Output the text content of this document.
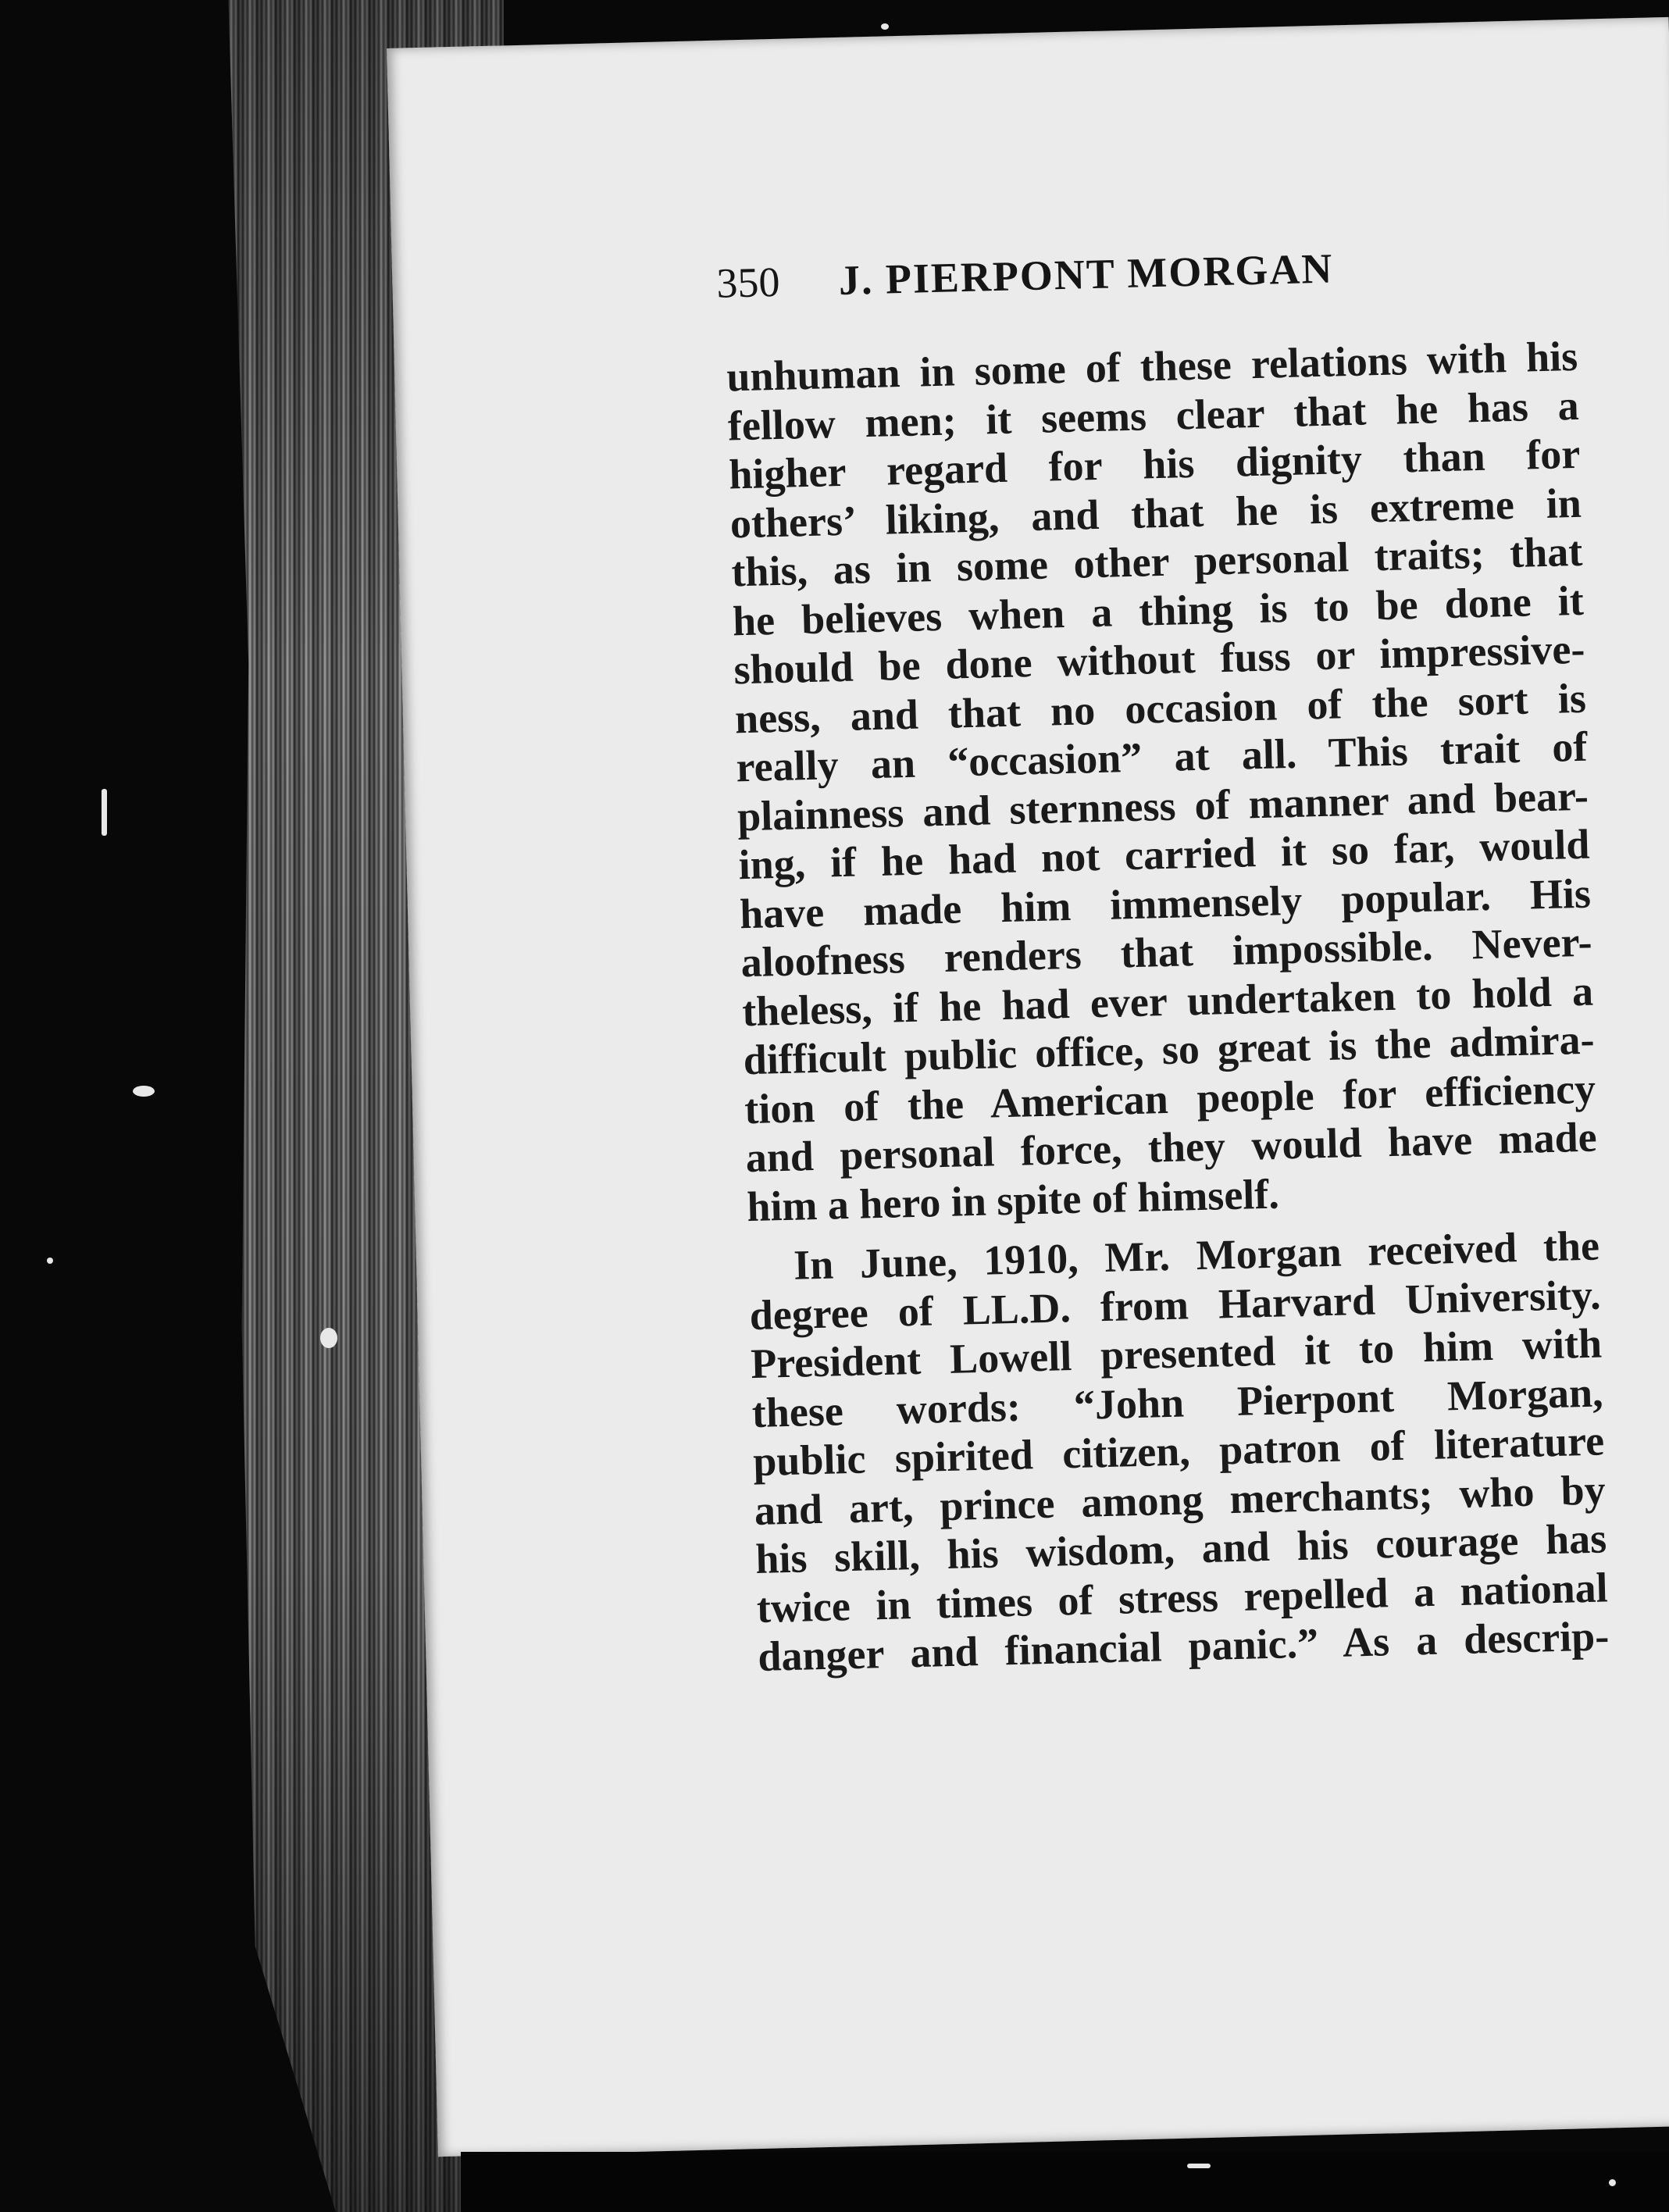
350 J. PIERPONT MORGAN
unhuman in some of these relations with his
fellow men; it seems clear that he has a
higher regard for his dignity than for
others’ liking, and that he is extreme in
this, as in some other personal traits; that
he believes when a thing is to be done it
should be done without fuss or impressive-
ness, and that no occasion of the sort is
really an “occasion” at all. This trait of
plainness and sternness of manner and bear-
ing, if he had not carried it so far, would
have made him immensely popular. His
aloofness renders that impossible. Never-
theless, if he had ever undertaken to hold a
difficult public office, so great is the admira-
tion of the American people for efficiency
and personal force, they would have made
him a hero in spite of himself.
In June, 1910, Mr. Morgan received the
degree of LL.D. from Harvard University.
President Lowell presented it to him with
these words: “John Pierpont Morgan,
public spirited citizen, patron of literature
and art, prince among merchants; who by
his skill, his wisdom, and his courage has
twice in times of stress repelled a national
danger and financial panic.” As a descrip-
